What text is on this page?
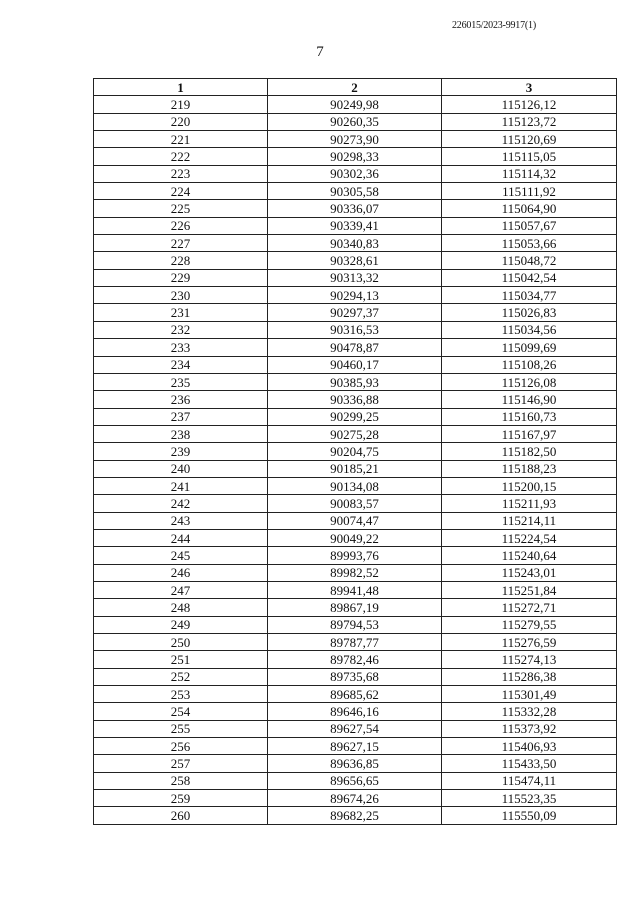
226015/2023-9917(1)
7
1	2	3
219	90249,98	115126,12
220	90260,35	115123,72
221	90273,90	115120,69
222	90298,33	115115,05
223	90302,36	115114,32
224	90305,58	115111,92
225	90336,07	115064,90
226	90339,41	115057,67
227	90340,83	115053,66
228	90328,61	115048,72
229	90313,32	115042,54
230	90294,13	115034,77
231	90297,37	115026,83
232	90316,53	115034,56
233	90478,87	115099,69
234	90460,17	115108,26
235	90385,93	115126,08
236	90336,88	115146,90
237	90299,25	115160,73
238	90275,28	115167,97
239	90204,75	115182,50
240	90185,21	115188,23
241	90134,08	115200,15
242	90083,57	115211,93
243	90074,47	115214,11
244	90049,22	115224,54
245	89993,76	115240,64
246	89982,52	115243,01
247	89941,48	115251,84
248	89867,19	115272,71
249	89794,53	115279,55
250	89787,77	115276,59
251	89782,46	115274,13
252	89735,68	115286,38
253	89685,62	115301,49
254	89646,16	115332,28
255	89627,54	115373,92
256	89627,15	115406,93
257	89636,85	115433,50
258	89656,65	115474,11
259	89674,26	115523,35
260	89682,25	115550,09
